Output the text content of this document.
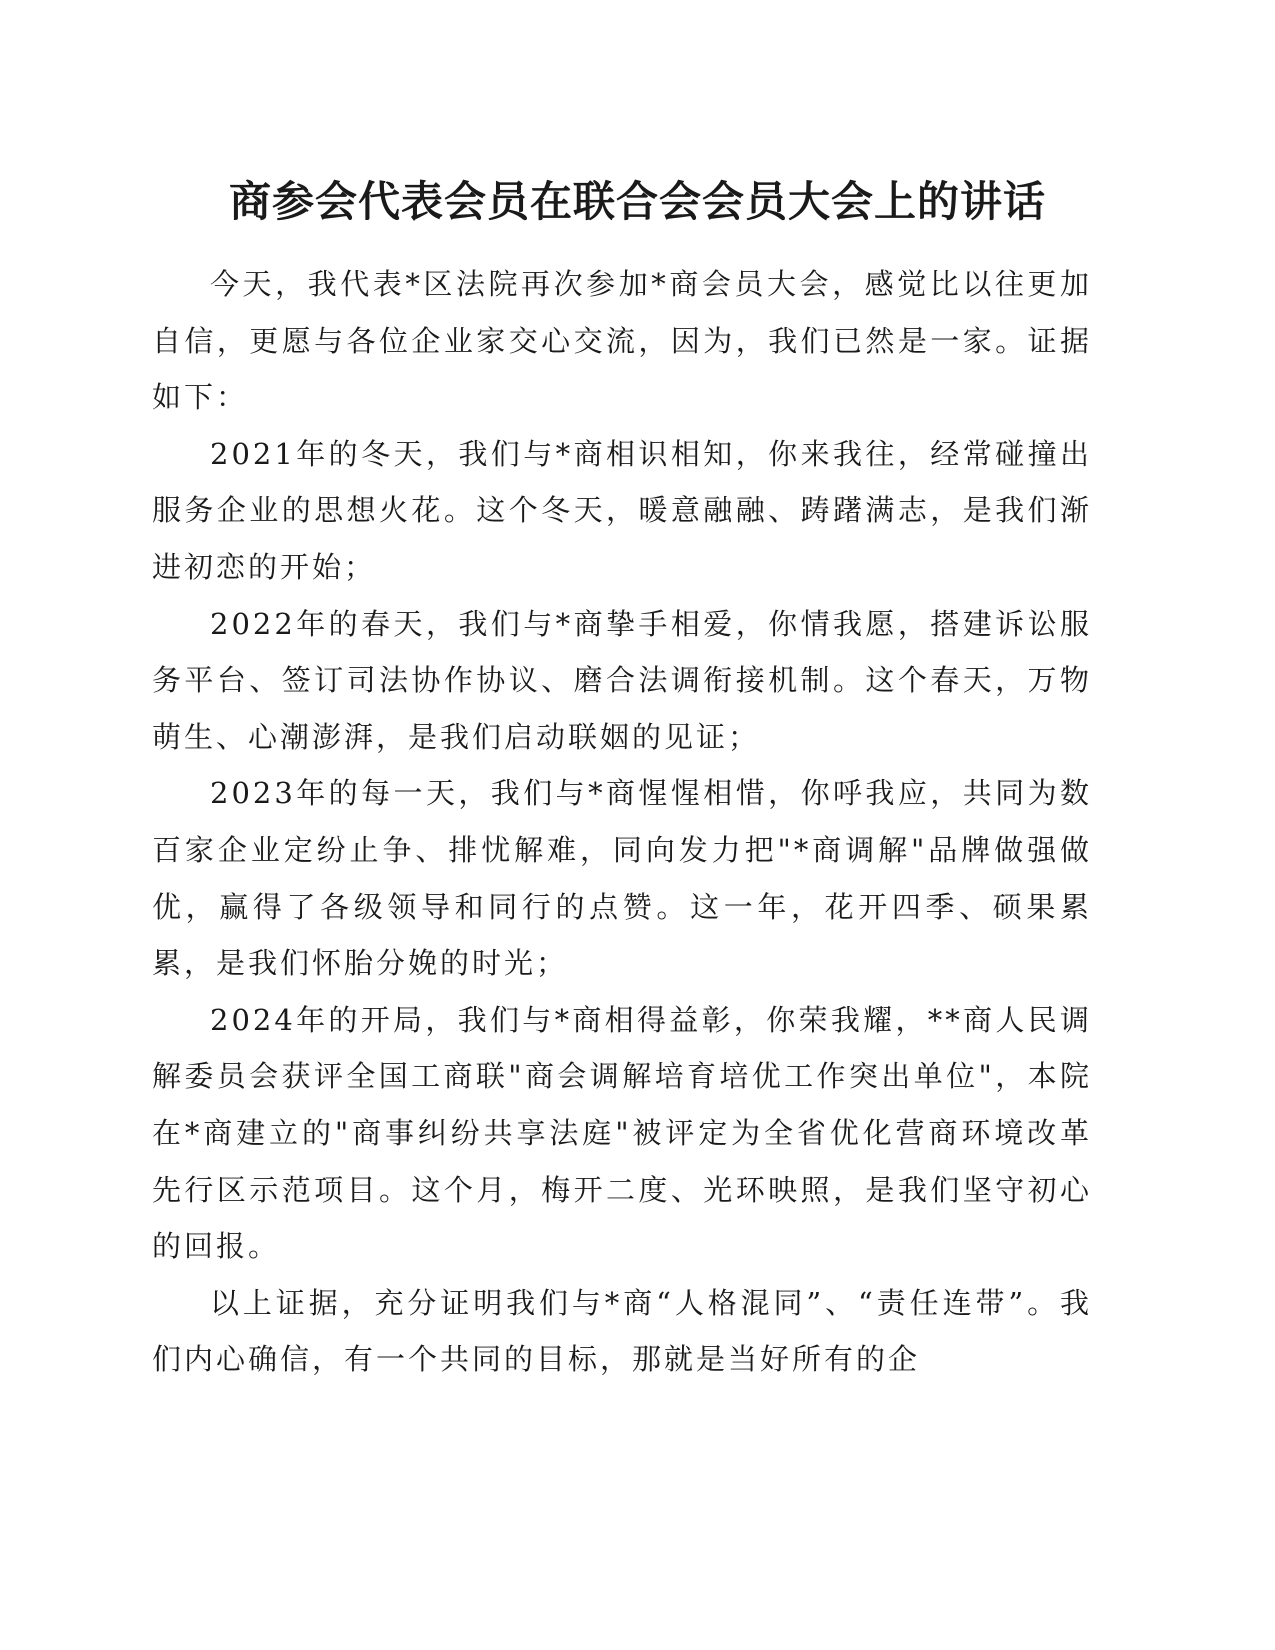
商参会代表会员在联合会会员大会上的讲话

今天，我代表*区法院再次参加*商会员大会，感觉比以往更加自信，更愿与各位企业家交心交流，因为，我们已然是一家。证据如下：

2021年的冬天，我们与*商相识相知，你来我往，经常碰撞出服务企业的思想火花。这个冬天，暖意融融、踌躇满志，是我们渐进初恋的开始；

2022年的春天，我们与*商挚手相爱，你情我愿，搭建诉讼服务平台、签订司法协作协议、磨合法调衔接机制。这个春天，万物萌生、心潮澎湃，是我们启动联姻的见证；

2023年的每一天，我们与*商惺惺相惜，你呼我应，共同为数百家企业定纷止争、排忧解难，同向发力把"*商调解"品牌做强做优，赢得了各级领导和同行的点赞。这一年，花开四季、硕果累累，是我们怀胎分娩的时光；

2024年的开局，我们与*商相得益彰，你荣我耀，**商人民调解委员会获评全国工商联"商会调解培育培优工作突出单位"，本院在*商建立的"商事纠纷共享法庭"被评定为全省优化营商环境改革先行区示范项目。这个月，梅开二度、光环映照，是我们坚守初心的回报。

以上证据，充分证明我们与*商“人格混同”、“责任连带”。我们内心确信，有一个共同的目标，那就是当好所有的企
